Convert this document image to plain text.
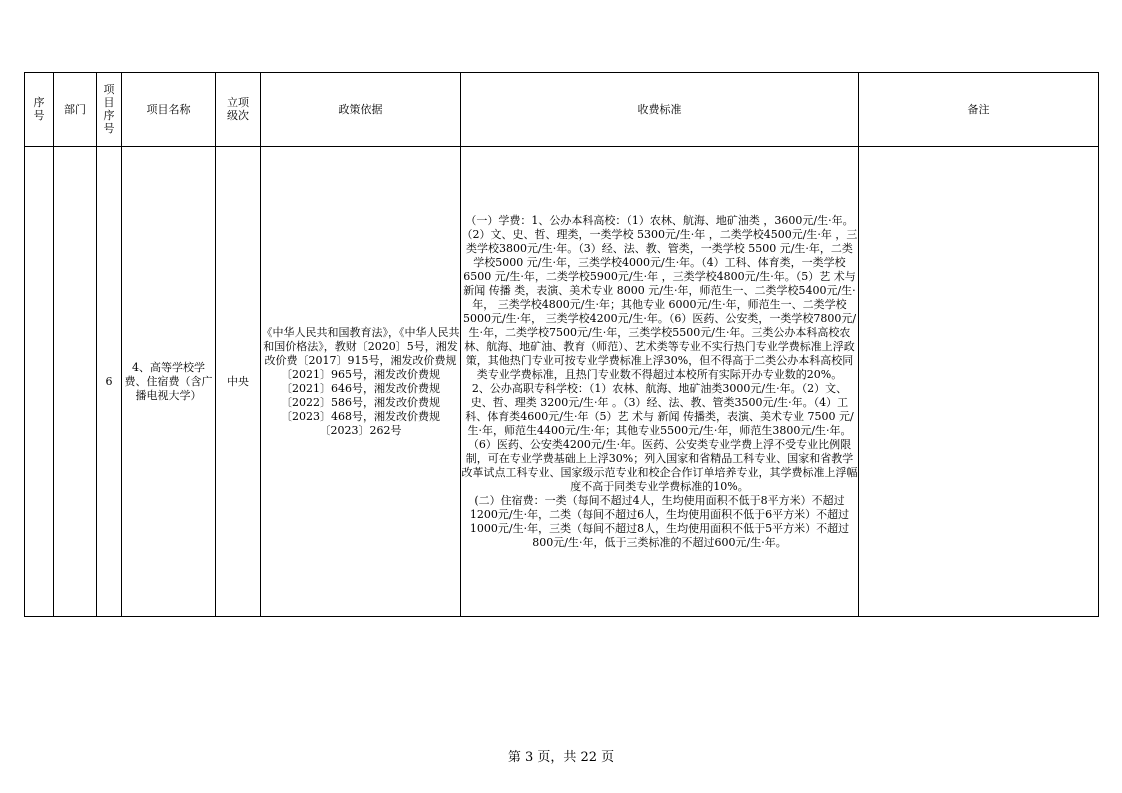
序号	部门	项目序号	项目名称	立项级次	政策依据	收费标准	备注
		6	4、高等学校学费、住宿费（含广播电视大学）	中央	《中华人民共和国教育法》，《中华人民共和国价格法》，教财〔2020〕5号，湘发改价费〔2017〕915号，湘发改价费规〔2021〕965号，湘发改价费规〔2021〕646号，湘发改价费规〔2022〕586号，湘发改价费规〔2023〕468号，湘发改价费规〔2023〕262号	（一）学费：1、公办本科高校：（1）农林、航海、地矿油类 ，3600元/生·年。（2）文、史、哲、理类，一类学校 5300元/生·年 ，二类学校4500元/生·年 ，三类学校3800元/生·年。（3）经、法、教、管类，一类学校 5500 元/生·年，二类学校5000 元/生·年，三类学校4000元/生·年。（4）工科、体育类，一类学校 6500 元/生·年，二类学校5900元/生·年 ，三类学校4800元/生·年。（5）艺 术与 新闻 传播 类，表演、美术专业 8000 元/生·年，师范生一、二类学校5400元/生·年， 三类学校4800元/生·年；其他专业 6000元/生·年，师范生一、二类学校5000元/生·年， 三类学校4200元/生·年。（6）医药、公安类，一类学校7800元/生·年，二类学校7500元/生·年，三类学校5500元/生·年。三类公办本科高校农林、航海、地矿油、教育（师范）、艺术类等专业不实行热门专业学费标准上浮政策，其他热门专业可按专业学费标准上浮30%，但不得高于二类公办本科高校同类专业学费标准，且热门专业数不得超过本校所有实际开办专业数的20%。
2、公办高职专科学校：（1）农林、航海、地矿油类3000元/生·年。（2）文、史、哲、理类 3200元/生·年 。（3）经、法、教、管类3500元/生·年。（4）工科、体育类4600元/生·年（5）艺 术与 新闻 传播类，表演、美术专业 7500 元/生·年，师范生4400元/生·年；其他专业5500元/生·年，师范生3800元/生·年。（6）医药、公安类4200元/生·年。医药、公安类专业学费上浮不受专业比例限制，可在专业学费基础上上浮30%；列入国家和省精品工科专业、国家和省教学改革试点工科专业、国家级示范专业和校企合作订单培养专业，其学费标准上浮幅度不高于同类专业学费标准的10%。
(二）住宿费：一类（每间不超过4人，生均使用面积不低于8平方米）不超过1200元/生·年，二类（每间不超过6人，生均使用面积不低于6平方米）不超过1000元/生·年，三类（每间不超过8人，生均使用面积不低于5平方米）不超过800元/生·年，低于三类标准的不超过600元/生·年。	
第 3 页，共 22 页
